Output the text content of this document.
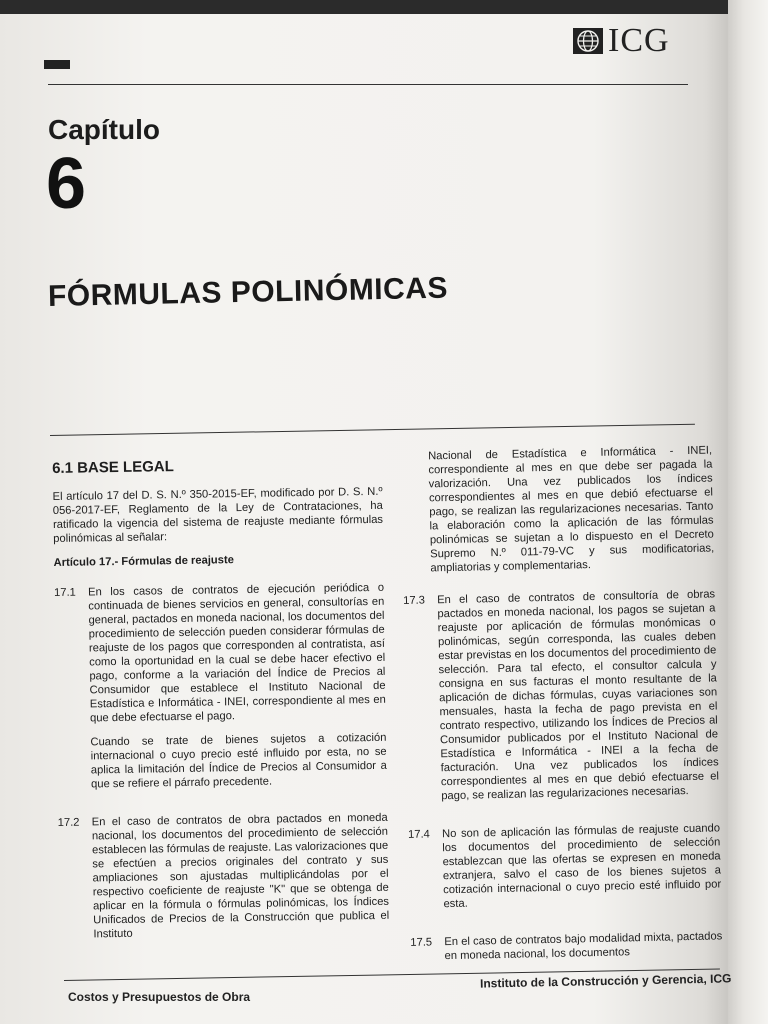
ICG
Capítulo
6
FÓRMULAS POLINÓMICAS
6.1 BASE LEGAL

El artículo 17 del D. S. N.º 350-2015-EF, modificado por D. S. N.º 056-2017-EF, Reglamento de la Ley de Contrataciones, ha ratificado la vigencia del sistema de reajuste mediante fórmulas polinómicas al señalar:

Artículo 17.- Fórmulas de reajuste
17.1	En los casos de contratos de ejecución periódica o continuada de bienes servicios en general, consultorías en general, pactados en moneda nacional, los documentos del procedimiento de selección pueden considerar fórmulas de reajuste de los pagos que corresponden al contratista, así como la oportunidad en la cual se debe hacer efectivo el pago, conforme a la variación del Índice de Precios al Consumidor que establece el Instituto Nacional de Estadística e Informática - INEI, correspondiente al mes en que debe efectuarse el pago.

Cuando se trate de bienes sujetos a cotización internacional o cuyo precio esté influido por esta, no se aplica la limitación del Índice de Precios al Consumidor a que se refiere el párrafo precedente.

17.2	En el caso de contratos de obra pactados en moneda nacional, los documentos del procedimiento de selección establecen las fórmulas de reajuste. Las valorizaciones que se efectúen a precios originales del contrato y sus ampliaciones son ajustadas multiplicándolas por el respectivo coeficiente de reajuste "K" que se obtenga de aplicar en la fórmula o fórmulas polinómicas, los Índices Unificados de Precios de la Construcción que publica el Instituto

Nacional de Estadística e Informática - INEI, correspondiente al mes en que debe ser pagada la valorización. Una vez publicados los índices correspondientes al mes en que debió efectuarse el pago, se realizan las regularizaciones necesarias. Tanto la elaboración como la aplicación de las fórmulas polinómicas se sujetan a lo dispuesto en el Decreto Supremo N.º 011-79-VC y sus modificatorias, ampliatorias y complementarias.

17.3	En el caso de contratos de consultoría de obras pactados en moneda nacional, los pagos se sujetan a reajuste por aplicación de fórmulas monómicas o polinómicas, según corresponda, las cuales deben estar previstas en los documentos del procedimiento de selección. Para tal efecto, el consultor calcula y consigna en sus facturas el monto resultante de la aplicación de dichas fórmulas, cuyas variaciones son mensuales, hasta la fecha de pago prevista en el contrato respectivo, utilizando los Índices de Precios al Consumidor publicados por el Instituto Nacional de Estadística e Informática - INEI a la fecha de facturación. Una vez publicados los índices correspondientes al mes en que debió efectuarse el pago, se realizan las regularizaciones necesarias.

17.4	No son de aplicación las fórmulas de reajuste cuando los documentos del procedimiento de selección establezcan que las ofertas se expresen en moneda extranjera, salvo el caso de los bienes sujetos a cotización internacional o cuyo precio esté influido por esta.

17.5	En el caso de contratos bajo modalidad mixta, pactados en moneda nacional, los documentos

Costos y Presupuestos de Obra
Instituto de la Construcción y Gerencia, ICG
